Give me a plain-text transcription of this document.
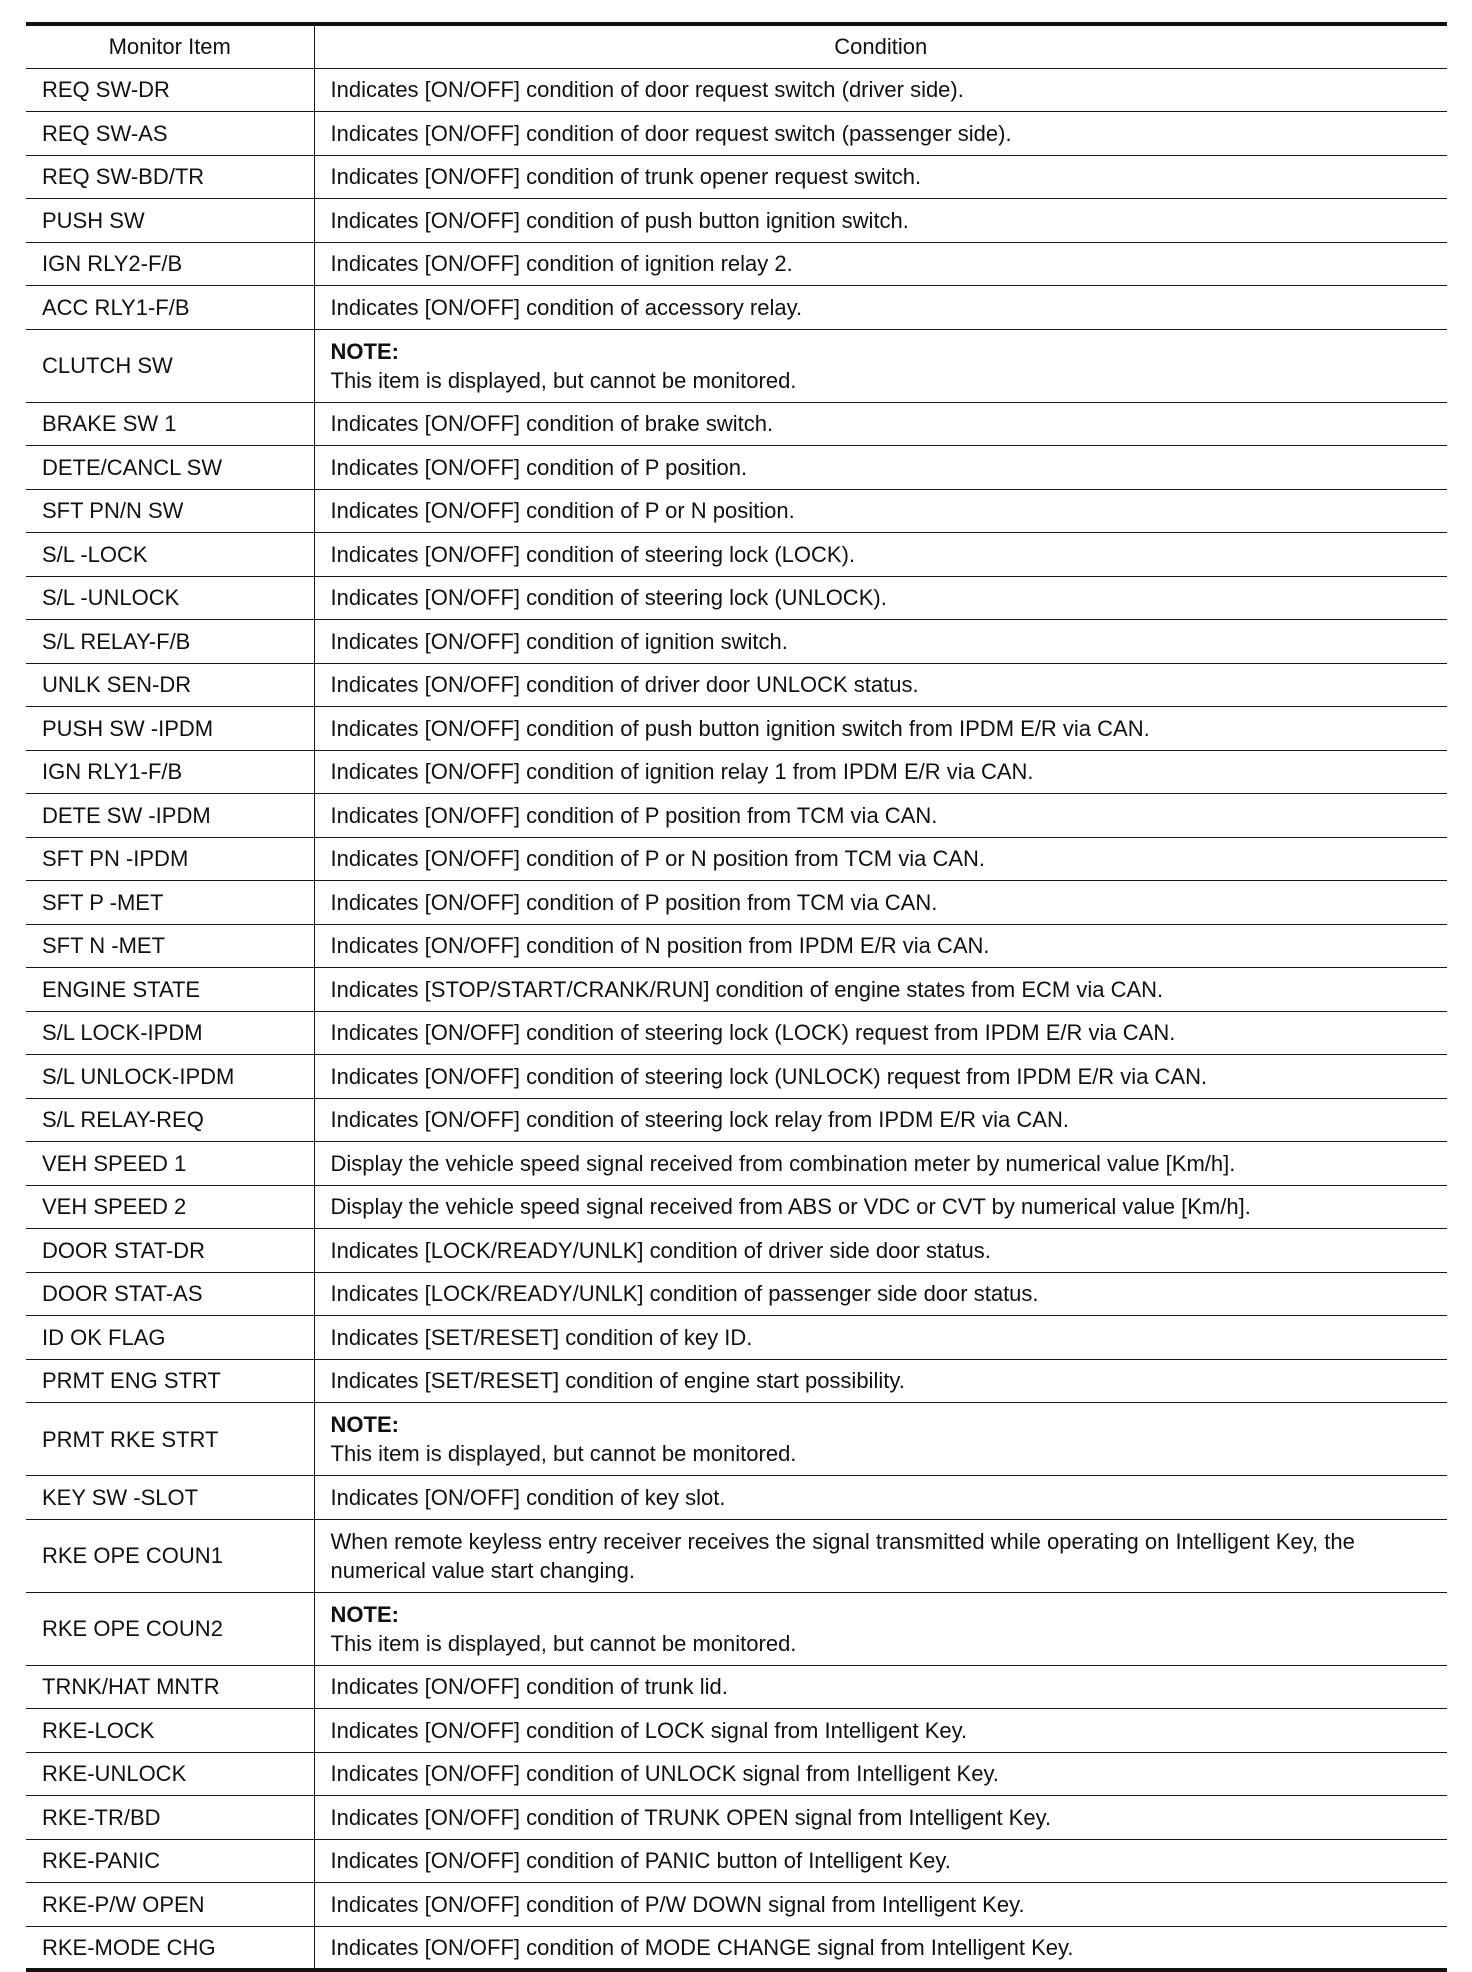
Monitor Item	Condition
REQ SW-DR	Indicates [ON/OFF] condition of door request switch (driver side).
REQ SW-AS	Indicates [ON/OFF] condition of door request switch (passenger side).
REQ SW-BD/TR	Indicates [ON/OFF] condition of trunk opener request switch.
PUSH SW	Indicates [ON/OFF] condition of push button ignition switch.
IGN RLY2-F/B	Indicates [ON/OFF] condition of ignition relay 2.
ACC RLY1-F/B	Indicates [ON/OFF] condition of accessory relay.
CLUTCH SW	NOTE:
This item is displayed, but cannot be monitored.

BRAKE SW 1	Indicates [ON/OFF] condition of brake switch.
DETE/CANCL SW	Indicates [ON/OFF] condition of P position.
SFT PN/N SW	Indicates [ON/OFF] condition of P or N position.
S/L -LOCK	Indicates [ON/OFF] condition of steering lock (LOCK).
S/L -UNLOCK	Indicates [ON/OFF] condition of steering lock (UNLOCK).
S/L RELAY-F/B	Indicates [ON/OFF] condition of ignition switch.
UNLK SEN-DR	Indicates [ON/OFF] condition of driver door UNLOCK status.
PUSH SW -IPDM	Indicates [ON/OFF] condition of push button ignition switch from IPDM E/R via CAN.
IGN RLY1-F/B	Indicates [ON/OFF] condition of ignition relay 1 from IPDM E/R via CAN.
DETE SW -IPDM	Indicates [ON/OFF] condition of P position from TCM via CAN.
SFT PN -IPDM	Indicates [ON/OFF] condition of P or N position from TCM via CAN.
SFT P -MET	Indicates [ON/OFF] condition of P position from TCM via CAN.
SFT N -MET	Indicates [ON/OFF] condition of N position from IPDM E/R via CAN.
ENGINE STATE	Indicates [STOP/START/CRANK/RUN] condition of engine states from ECM via CAN.
S/L LOCK-IPDM	Indicates [ON/OFF] condition of steering lock (LOCK) request from IPDM E/R via CAN.
S/L UNLOCK-IPDM	Indicates [ON/OFF] condition of steering lock (UNLOCK) request from IPDM E/R via CAN.
S/L RELAY-REQ	Indicates [ON/OFF] condition of steering lock relay from IPDM E/R via CAN.
VEH SPEED 1	Display the vehicle speed signal received from combination meter by numerical value [Km/h].
VEH SPEED 2	Display the vehicle speed signal received from ABS or VDC or CVT by numerical value [Km/h].
DOOR STAT-DR	Indicates [LOCK/READY/UNLK] condition of driver side door status.
DOOR STAT-AS	Indicates [LOCK/READY/UNLK] condition of passenger side door status.
ID OK FLAG	Indicates [SET/RESET] condition of key ID.
PRMT ENG STRT	Indicates [SET/RESET] condition of engine start possibility.
PRMT RKE STRT	NOTE:
This item is displayed, but cannot be monitored.

KEY SW -SLOT	Indicates [ON/OFF] condition of key slot.
RKE OPE COUN1	When remote keyless entry receiver receives the signal transmitted while operating on Intelligent Key, the numerical value start changing.
RKE OPE COUN2	NOTE:
This item is displayed, but cannot be monitored.

TRNK/HAT MNTR	Indicates [ON/OFF] condition of trunk lid.
RKE-LOCK	Indicates [ON/OFF] condition of LOCK signal from Intelligent Key.
RKE-UNLOCK	Indicates [ON/OFF] condition of UNLOCK signal from Intelligent Key.
RKE-TR/BD	Indicates [ON/OFF] condition of TRUNK OPEN signal from Intelligent Key.
RKE-PANIC	Indicates [ON/OFF] condition of PANIC button of Intelligent Key.
RKE-P/W OPEN	Indicates [ON/OFF] condition of P/W DOWN signal from Intelligent Key.
RKE-MODE CHG	Indicates [ON/OFF] condition of MODE CHANGE signal from Intelligent Key.
